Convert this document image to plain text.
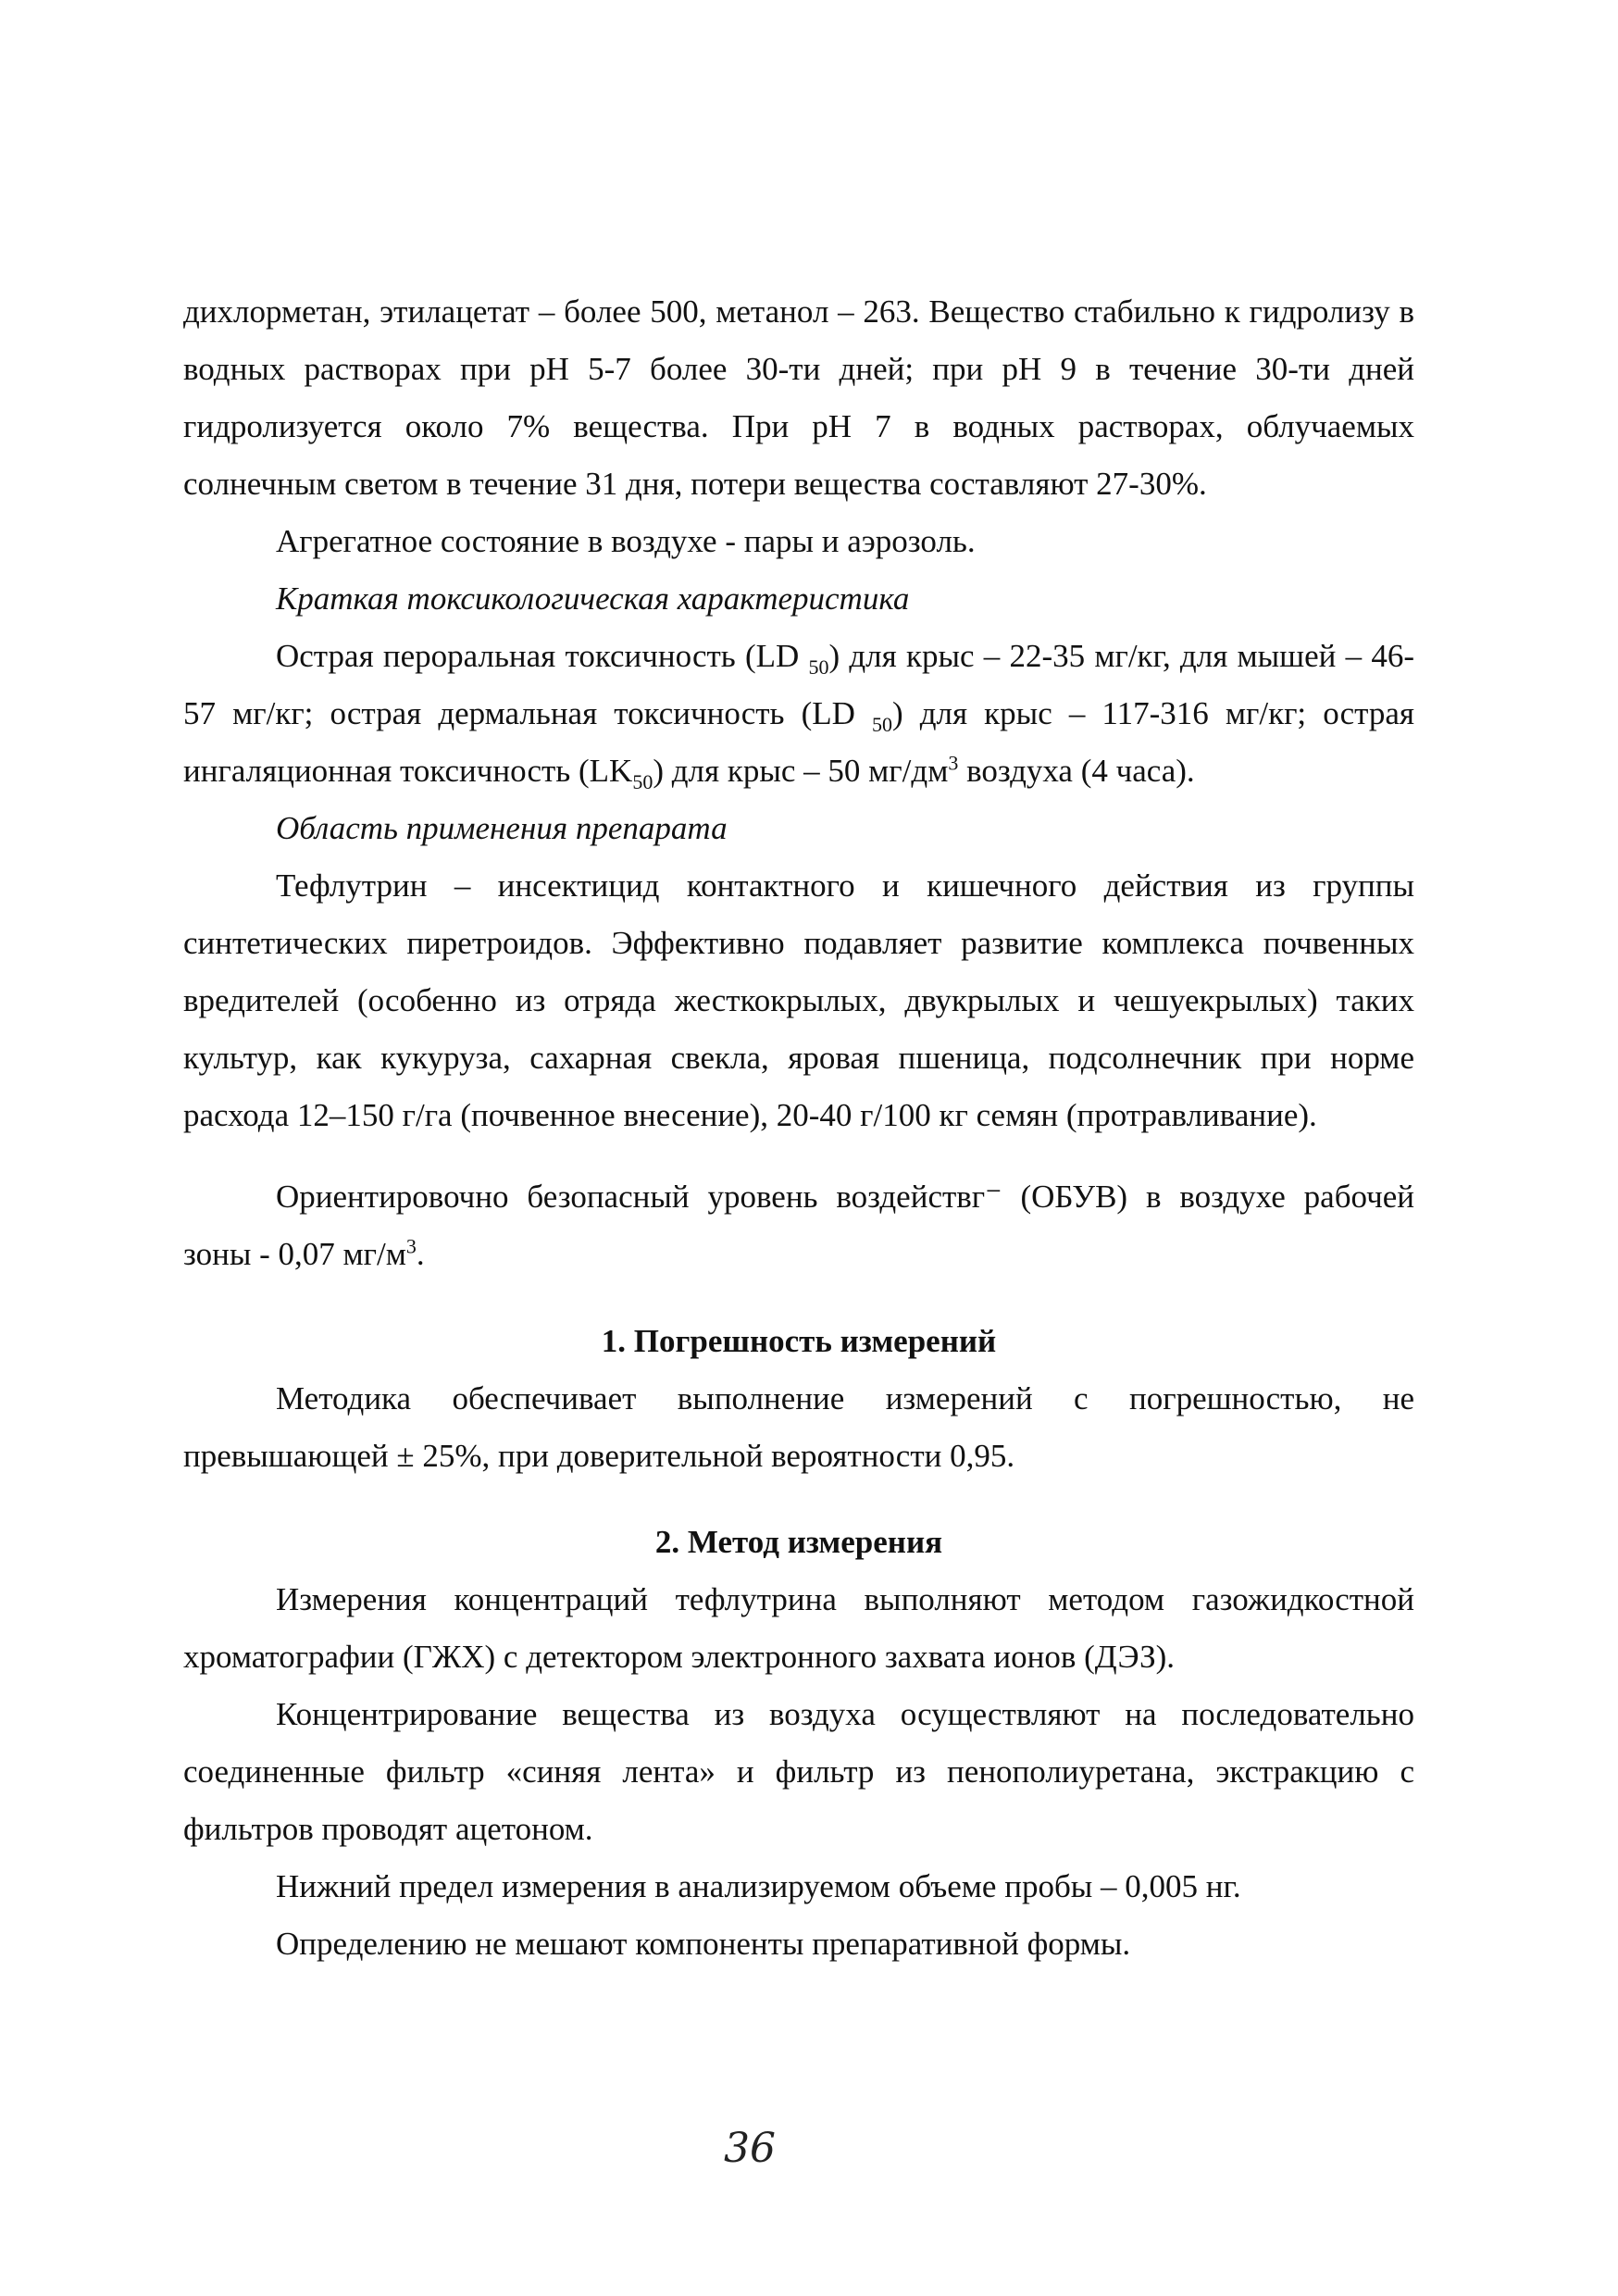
дихлорметан, этилацетат – более 500, метанол – 263. Вещество стабильно к гидролизу в водных растворах при pH 5-7 более 30-ти дней; при pH 9 в течение 30-ти дней гидролизуется около 7% вещества. При pH 7 в водных растворах, облучаемых солнечным светом в течение 31 дня, потери вещества составляют 27-30%.

Агрегатное состояние в воздухе - пары и аэрозоль.

Краткая токсикологическая характеристика

Острая пероральная токсичность (LD $_{50}$) для крыс – 22-35 мг/кг, для мышей – 46-57 мг/кг; острая дермальная токсичность (LD $_{50}$) для крыс – 117-316 мг/кг; острая ингаляционная токсичность $(LK_{50})$ для крыс – 50 $мг/дм^3$ воздуха (4 часа).

Область применения препарата

Тефлутрин – инсектицид контактного и кишечного действия из группы синтетических пиретроидов. Эффективно подавляет развитие комплекса почвенных вредителей (особенно из отряда жесткокрылых, двукрылых и чешуекрылых) таких культур, как кукуруза, сахарная свекла, яровая пшеница, подсолнечник при норме расхода 12–150 г/га (почвенное внесение), 20-40 г/100 кг семян (протравливание).

Ориентировочно безопасный уровень воздействг⁻ (ОБУВ) в воздухе рабочей зоны - 0,07 $мг/м^3$.

1. Погрешность измерений

Методика обеспечивает выполнение измерений с погрешностью, не превышающей ± 25%, при доверительной вероятности 0,95.

2. Метод измерения

Измерения концентраций тефлутрина выполняют методом газожидкостной хроматографии (ГЖХ) с детектором электронного захвата ионов (ДЭЗ).

Концентрирование вещества из воздуха осуществляют на последовательно соединенные фильтр «синяя лента» и фильтр из пенополиуретана, экстракцию с фильтров проводят ацетоном.

Нижний предел измерения в анализируемом объеме пробы – 0,005 нг.

Определению не мешают компоненты препаративной формы.

36
